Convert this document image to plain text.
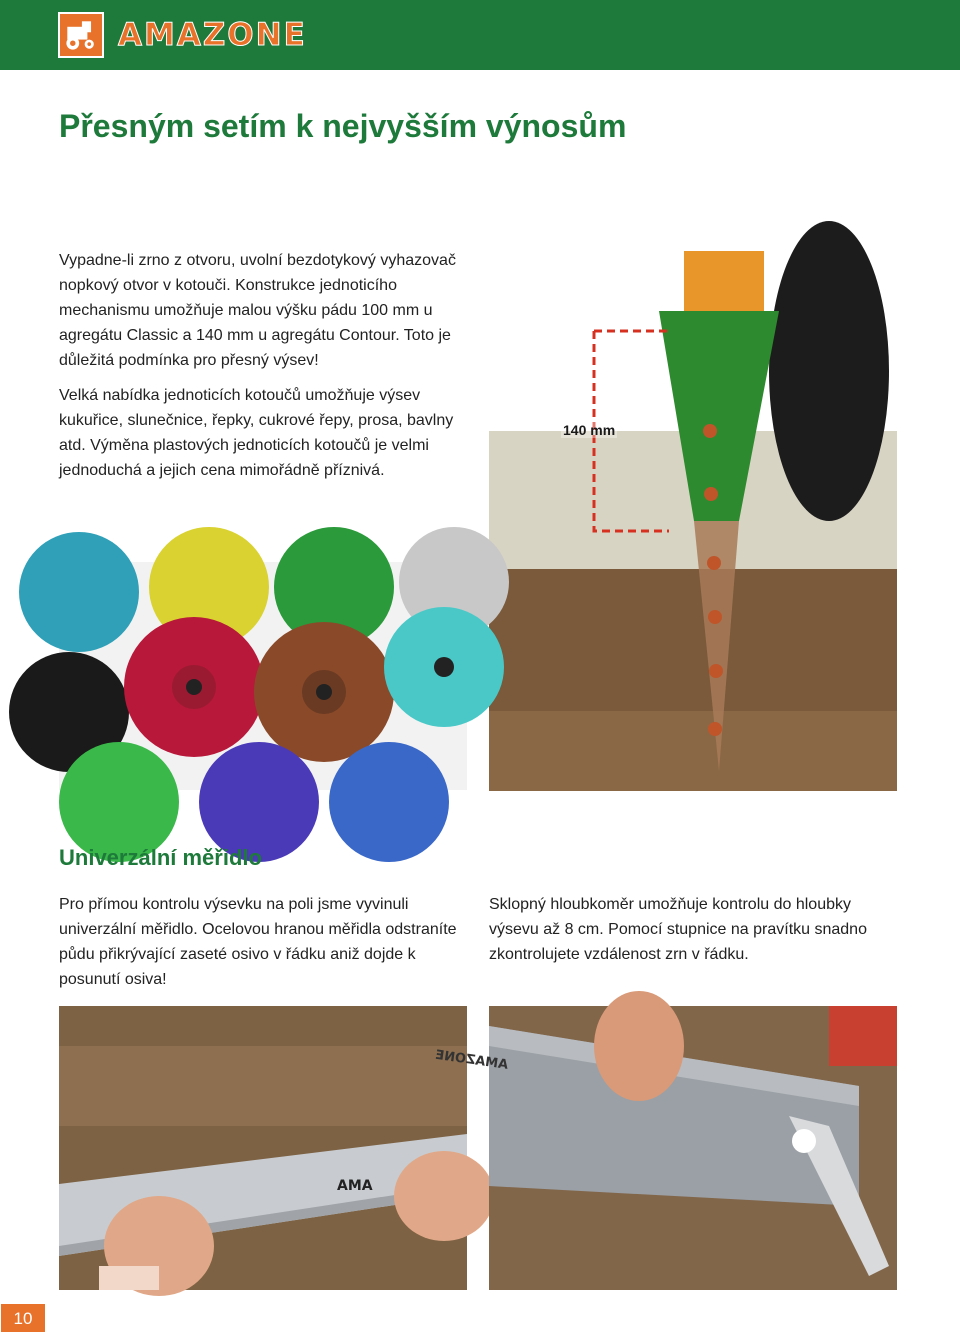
AMAZONE
Přesným setím k nejvyšším výnosům

Vypadne-li zrno z otvoru, uvolní bezdotykový vyhazovač nopkový otvor v kotouči. Konstrukce jednoticího mechanismu umožňuje malou výšku pádu 100 mm u agregátu Classic a 140 mm u agregátu Contour. Toto je důležitá podmínka pro přesný výsev!

Velká nabídka jednoticích kotoučů umožňuje výsev kukuřice, slunečnice, řepky, cukrové řepy, prosa, bavlny atd. Výměna plastových jednoticích kotoučů je velmi jednoduchá a jejich cena mimořádně příznivá.

140 mm
Univerzální měřidlo

Pro přímou kontrolu výsevku na poli jsme vyvinuli univerzální měřidlo. Ocelovou hranou měřidla odstraníte půdu přikrývající zaseté osivo v řádku aniž dojde k posunutí osiva!

Sklopný hloubkoměr umožňuje kontrolu do hloubky výsevu až 8 cm. Pomocí stupnice na pravítku snadno zkontrolujete vzdálenost zrn v řádku.

AMA
AMAZONE
10
